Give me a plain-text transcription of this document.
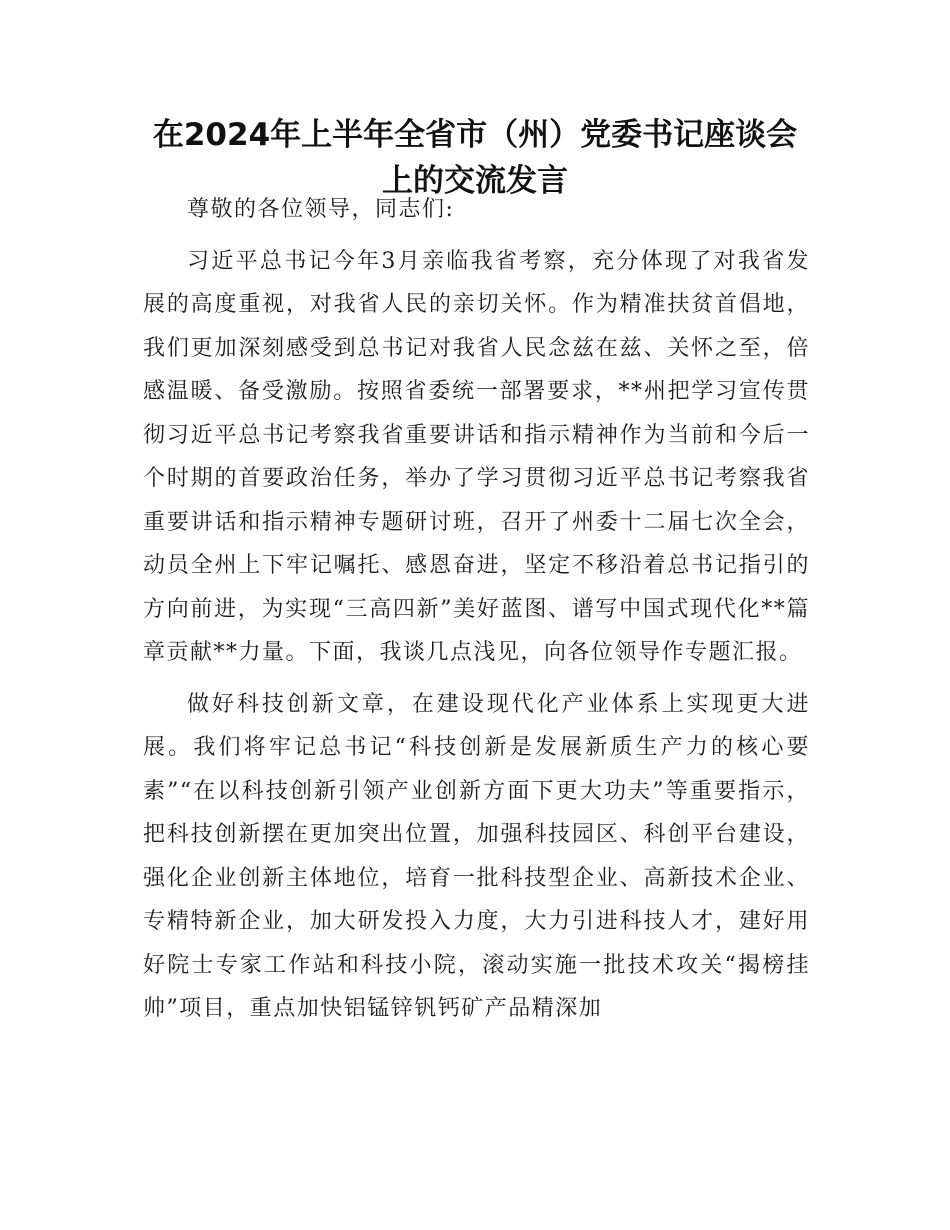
在2024年上半年全省市（州）党委书记座谈会上的交流发言

尊敬的各位领导，同志们:

习近平总书记今年3月亲临我省考察，充分体现了对我省发展的高度重视，对我省人民的亲切关怀。作为精准扶贫首倡地，我们更加深刻感受到总书记对我省人民念兹在兹、关怀之至，倍感温暖、备受激励。按照省委统一部署要求，**州把学习宣传贯彻习近平总书记考察我省重要讲话和指示精神作为当前和今后一个时期的首要政治任务，举办了学习贯彻习近平总书记考察我省重要讲话和指示精神专题研讨班，召开了州委十二届七次全会，动员全州上下牢记嘱托、感恩奋进，坚定不移沿着总书记指引的方向前进，为实现“三高四新”美好蓝图、谱写中国式现代化**篇章贡献**力量。下面，我谈几点浅见，向各位领导作专题汇报。

做好科技创新文章，在建设现代化产业体系上实现更大进展。我们将牢记总书记“科技创新是发展新质生产力的核心要素”“在以科技创新引领产业创新方面下更大功夫”等重要指示，把科技创新摆在更加突出位置，加强科技园区、科创平台建设，强化企业创新主体地位，培育一批科技型企业、高新技术企业、专精特新企业，加大研发投入力度，大力引进科技人才，建好用好院士专家工作站和科技小院，滚动实施一批技术攻关“揭榜挂帅”项目，重点加快铝锰锌钒钙矿产品精深加
